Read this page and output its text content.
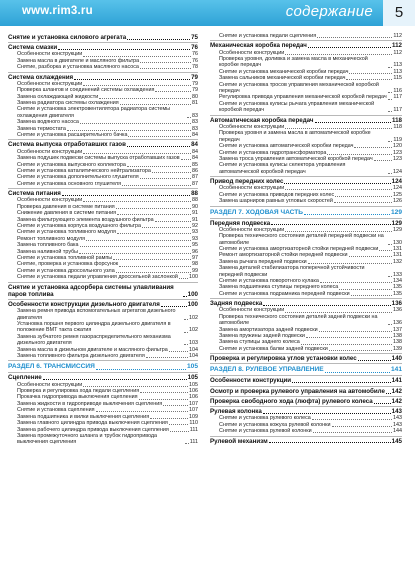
www.rim3.ru	содержание	5
Снятие и установка силового агрегата	75
Система смазки	76
Особенности конструкции	76
Замена масла в двигателе и масляного фильтра	76
Снятие, разборка и установка масляного насоса	78
Система охлаждения	79
Особенности конструкции	79
Проверка шлангов и соединений системы охлаждения	79
Замена охлаждающей жидкости	80
Замена радиатора системы охлаждения	81
Снятие и установка электровентилятора радиатора системы охлаждения двигателя	83
Замена водяного насоса	83
Замена термостата	83
Снятие и установка расширительного бачка	84
Система выпуска отработавших газов	84
Особенности конструкции	84
Замена подушек подвески системы выпуска отработавших газов 84
Снятие и установка выпускного коллектора	85
Снятие и установка каталитического нейтрализатора	86
Снятие и установка дополнительного глушителя	87
Снятие и установка основного глушителя	87
Система питания	88
Особенности конструкции	88
Проверка давления в системе питания	90
Снижение давления в системе питания	91
Замена фильтрующего элемента воздушного фильтра	91
Снятие и установка корпуса воздушного фильтра	92
Снятие и установка топливного модуля	93
Ремонт топливного модуля	93
Замена топливного бака	95
Замена наливной трубы	96
Снятие и установка топливной рампы	97
Снятие, проверка и установка форсунок	98
Снятие и установка дроссельного узла	99
Снятие и установка педали управления дроссельной заслонкой 100
Снятие и установка адсорбера системы улавливания паров топлива	100
Особенности конструкции дизельного двигателя	100
Замена ремня привода вспомогательных агрегатов дизельного двигателя	102
Установка поршня первого цилиндра дизельного двигателя в положение ВМТ такта сжатия	102
Замена зубчатого ремня газораспределительного механизма дизельного двигателя	103
Замена масла в дизельном двигателе и масляного фильтра	104
Замена топливного фильтра дизельного двигателя	104
РАЗДЕЛ 6. ТРАНСМИССИЯ	105
Сцепление	105
Особенности конструкции	105
Проверка и регулировка хода педали сцепления	106
Прокачка гидропривода выключения сцепления	106
Замена жидкости в гидроприводе выключения сцепления	107
Снятие и установка сцепления	107
Замена подшипника и вилки выключения сцепления	109
Замена главного цилиндра привода выключения сцепления	110
Замена рабочего цилиндра привода выключения сцепления	111
Замена промежуточного шланга и трубок гидропривода выключения сцепления	111
Снятие и установка педали сцепления	112
Механическая коробка передач	112
Особенности конструкции	112
Проверка уровня, доливка и замена масла в механической коробке передач	113
Снятие и установка механической коробки передач	113
Замена сальников механической коробки передач	115
Снятие и установка тросов управления механической коробкой передач	116
Регулировка привода управления механической коробкой передач 117
Снятие и установка кулисы рычага управления механической коробкой передач	117
Автоматическая коробка передач	118
Особенности конструкции	118
Проверка уровня и замена масла в автоматической коробке передач	119
Снятие и установка автоматической коробки передач	120
Снятие и установка гидротрансформатора	123
Замена троса управления автоматической коробкой передач	123
Снятие и установка кулисы селектора управления автоматической коробкой передач	124
Привод передних колес	124
Особенности конструкции	124
Снятие и установка приводов передних колес	125
Замена шарниров равных угловых скоростей	126
РАЗДЕЛ 7. ХОДОВАЯ ЧАСТЬ	129
Передняя подвеска	129
Особенности конструкции	129
Проверка технического состояния деталей передней подвески на автомобиле	130
Снятие и установка амортизаторной стойки передней подвески	131
Ремонт амортизаторной стойки передней подвески	131
Замена рычага передней подвески	132
Замена деталей стабилизатора поперечной устойчивости передней подвески	133
Снятие и установка поворотного кулака	134
Замена подшипника ступицы переднего колеса	135
Снятие и установка подрамника передней подвески	135
Задняя подвеска	136
Особенности конструкции	136
Проверка технического состояния деталей задней подвески на автомобиле	136
Замена амортизатора задней подвески	137
Замена пружины задней подвески	138
Замена ступицы заднего колеса	138
Снятие и установка балки задней подвески	139
Проверка и регулировка углов установки колес	140
РАЗДЕЛ 8. РУЛЕВОЕ УПРАВЛЕНИЕ	141
Особенности конструкции	141
Осмотр и проверка рулевого управления на автомобиле 142
Проверка свободного хода (люфта) рулевого колеса	142
Рулевая колонка	143
Снятие и установка рулевого колеса	143
Снятие и установка кожуха рулевой колонки	143
Снятие и установка рулевой колонки	144
Рулевой механизм	145
